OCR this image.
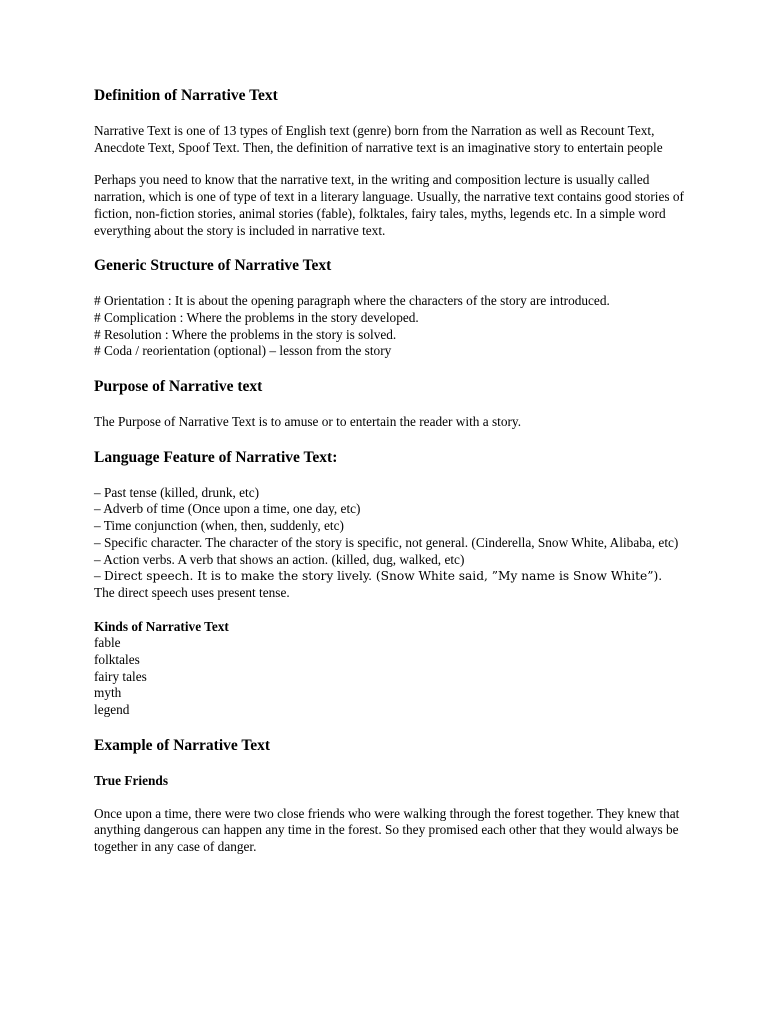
Definition of Narrative Text

Narrative Text is one of 13 types of English text (genre) born from the Narration as well as Recount Text, Anecdote Text, Spoof Text. Then, the definition of narrative text is an imaginative story to entertain people

Perhaps you need to know that the narrative text, in the writing and composition lecture is usually called narration, which is one of type of text in a literary language. Usually, the narrative text contains good stories of fiction, non-fiction stories, animal stories (fable), folktales, fairy tales, myths, legends etc. In a simple word everything about the story is included in narrative text.

Generic Structure of Narrative Text

# Orientation : It is about the opening paragraph where the characters of the story are introduced.

# Complication : Where the problems in the story developed.

# Resolution : Where the problems in the story is solved.

# Coda / reorientation (optional) – lesson from the story

Purpose of Narrative text

The Purpose of Narrative Text is to amuse or to entertain the reader with a story.

Language Feature of Narrative Text:

– Past tense (killed, drunk, etc)

– Adverb of time (Once upon a time, one day, etc)

– Time conjunction (when, then, suddenly, etc)

– Specific character. The character of the story is specific, not general. (Cinderella, Snow White, Alibaba, etc)

– Action verbs. A verb that shows an action. (killed, dug, walked, etc)

– Direct speech. It is to make the story lively. (Snow White said, ”My name is Snow White”).

The direct speech uses present tense.

Kinds of Narrative Text

fable

folktales

fairy tales

myth

legend

Example of Narrative Text

True Friends

Once upon a time, there were two close friends who were walking through the forest together. They knew that anything dangerous can happen any time in the forest. So they promised each other that they would always be together in any case of danger.
